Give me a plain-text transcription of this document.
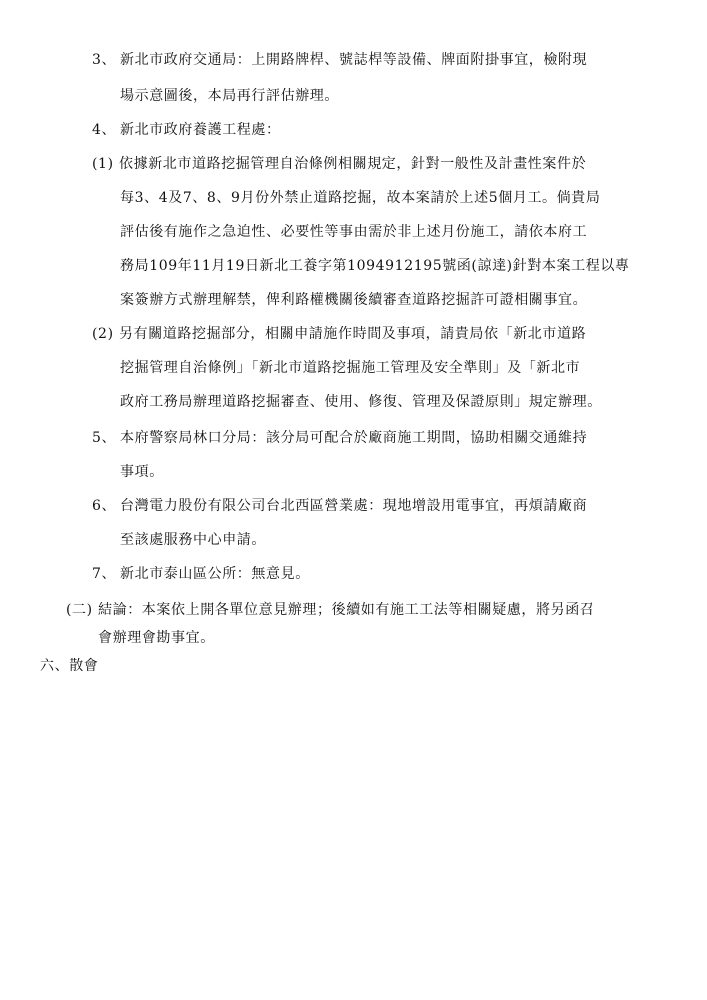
3、 新北市政府交通局：上開路牌桿、號誌桿等設備、牌面附掛事宜，檢附現
場示意圖後，本局再行評估辦理。
4、 新北市政府養護工程處：
(1) 依據新北市道路挖掘管理自治條例相關規定，針對一般性及計畫性案件於
每3、4及7、8、9月份外禁止道路挖掘，故本案請於上述5個月工。倘貴局
評估後有施作之急迫性、必要性等事由需於非上述月份施工，請依本府工
務局109年11月19日新北工養字第1094912195號函(諒達)針對本案工程以專
案簽辦方式辦理解禁，俾利路權機關後續審查道路挖掘許可證相關事宜。
(2) 另有關道路挖掘部分，相關申請施作時間及事項，請貴局依「新北市道路
挖掘管理自治條例」「新北市道路挖掘施工管理及安全準則」及「新北市
政府工務局辦理道路挖掘審查、使用、修復、管理及保證原則」規定辦理。
5、 本府警察局林口分局：該分局可配合於廠商施工期間，協助相關交通維持
事項。
6、 台灣電力股份有限公司台北西區營業處：現地增設用電事宜，再煩請廠商
至該處服務中心申請。
7、 新北市泰山區公所：無意見。
(二) 結論：本案依上開各單位意見辦理；後續如有施工工法等相關疑慮，將另函召
會辦理會勘事宜。
六、散會
